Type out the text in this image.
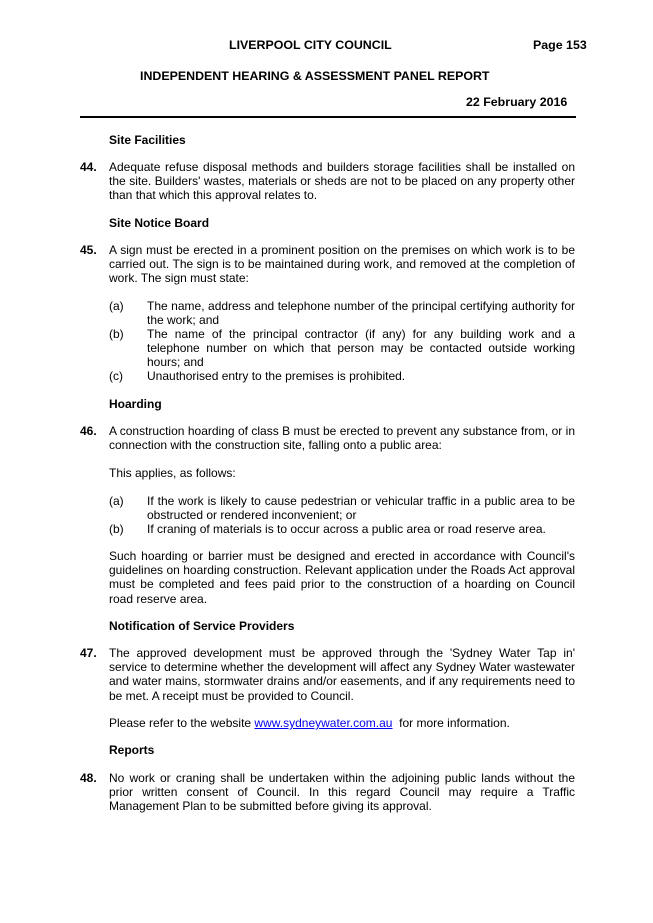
LIVERPOOL CITY COUNCIL	Page 153
INDEPENDENT HEARING & ASSESSMENT PANEL REPORT
22 February 2016
Site Facilities
44. Adequate refuse disposal methods and builders storage facilities shall be installed on the site. Builders' wastes, materials or sheds are not to be placed on any property other than that which this approval relates to.
Site Notice Board
45. A sign must be erected in a prominent position on the premises on which work is to be carried out. The sign is to be maintained during work, and removed at the completion of work. The sign must state:
(a) The name, address and telephone number of the principal certifying authority for the work; and
(b) The name of the principal contractor (if any) for any building work and a telephone number on which that person may be contacted outside working hours; and
(c) Unauthorised entry to the premises is prohibited.
Hoarding
46. A construction hoarding of class B must be erected to prevent any substance from, or in connection with the construction site, falling onto a public area:
This applies, as follows:
(a) If the work is likely to cause pedestrian or vehicular traffic in a public area to be obstructed or rendered inconvenient; or
(b) If craning of materials is to occur across a public area or road reserve area.
Such hoarding or barrier must be designed and erected in accordance with Council's guidelines on hoarding construction. Relevant application under the Roads Act approval must be completed and fees paid prior to the construction of a hoarding on Council road reserve area.
Notification of Service Providers
47. The approved development must be approved through the 'Sydney Water Tap in' service to determine whether the development will affect any Sydney Water wastewater and water mains, stormwater drains and/or easements, and if any requirements need to be met. A receipt must be provided to Council.
Please refer to the website www.sydneywater.com.au  for more information.
Reports
48. No work or craning shall be undertaken within the adjoining public lands without the prior written consent of Council. In this regard Council may require a Traffic Management Plan to be submitted before giving its approval.
